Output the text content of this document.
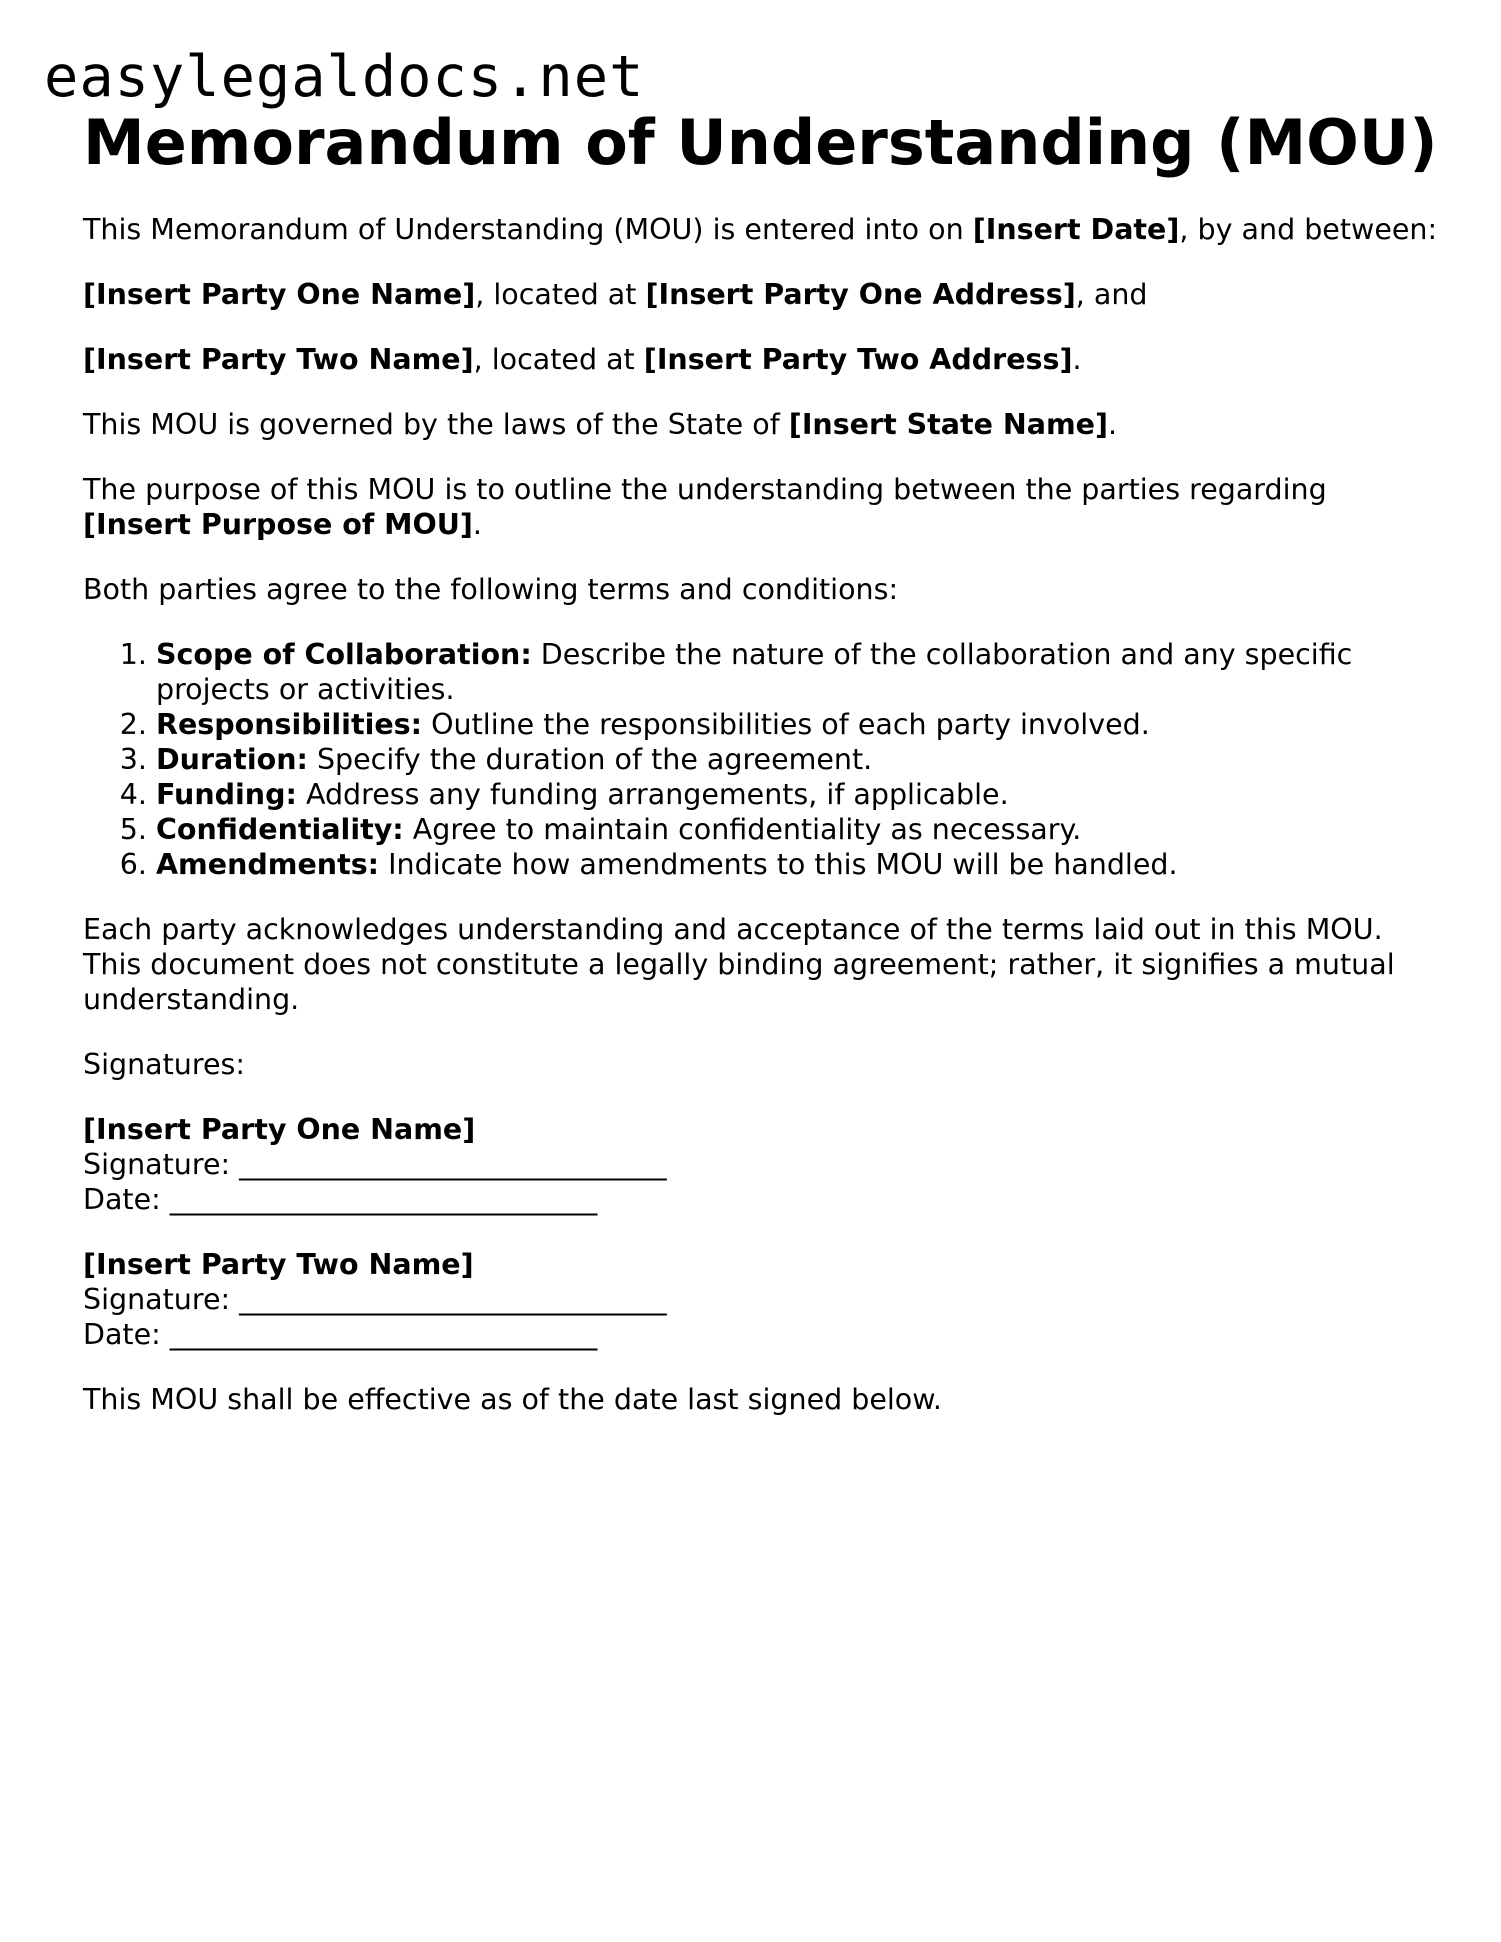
easylegaldocs.net
Memorandum of Understanding (MOU)

This Memorandum of Understanding (MOU) is entered into on [Insert Date], by and between:

[Insert Party One Name], located at [Insert Party One Address], and

[Insert Party Two Name], located at [Insert Party Two Address].

This MOU is governed by the laws of the State of [Insert State Name].

The purpose of this MOU is to outline the understanding between the parties regarding [Insert Purpose of MOU].

Both parties agree to the following terms and conditions:

1. Scope of Collaboration: Describe the nature of the collaboration and any specific projects or activities.
2. Responsibilities: Outline the responsibilities of each party involved.
3. Duration: Specify the duration of the agreement.
4. Funding: Address any funding arrangements, if applicable.
5. Confidentiality: Agree to maintain confidentiality as necessary.
6. Amendments: Indicate how amendments to this MOU will be handled.

Each party acknowledges understanding and acceptance of the terms laid out in this MOU. This document does not constitute a legally binding agreement; rather, it signifies a mutual understanding.

Signatures:

[Insert Party One Name]

Signature: ______________________________

Date: ______________________________

[Insert Party Two Name]

Signature: ______________________________

Date: ______________________________

This MOU shall be effective as of the date last signed below.
